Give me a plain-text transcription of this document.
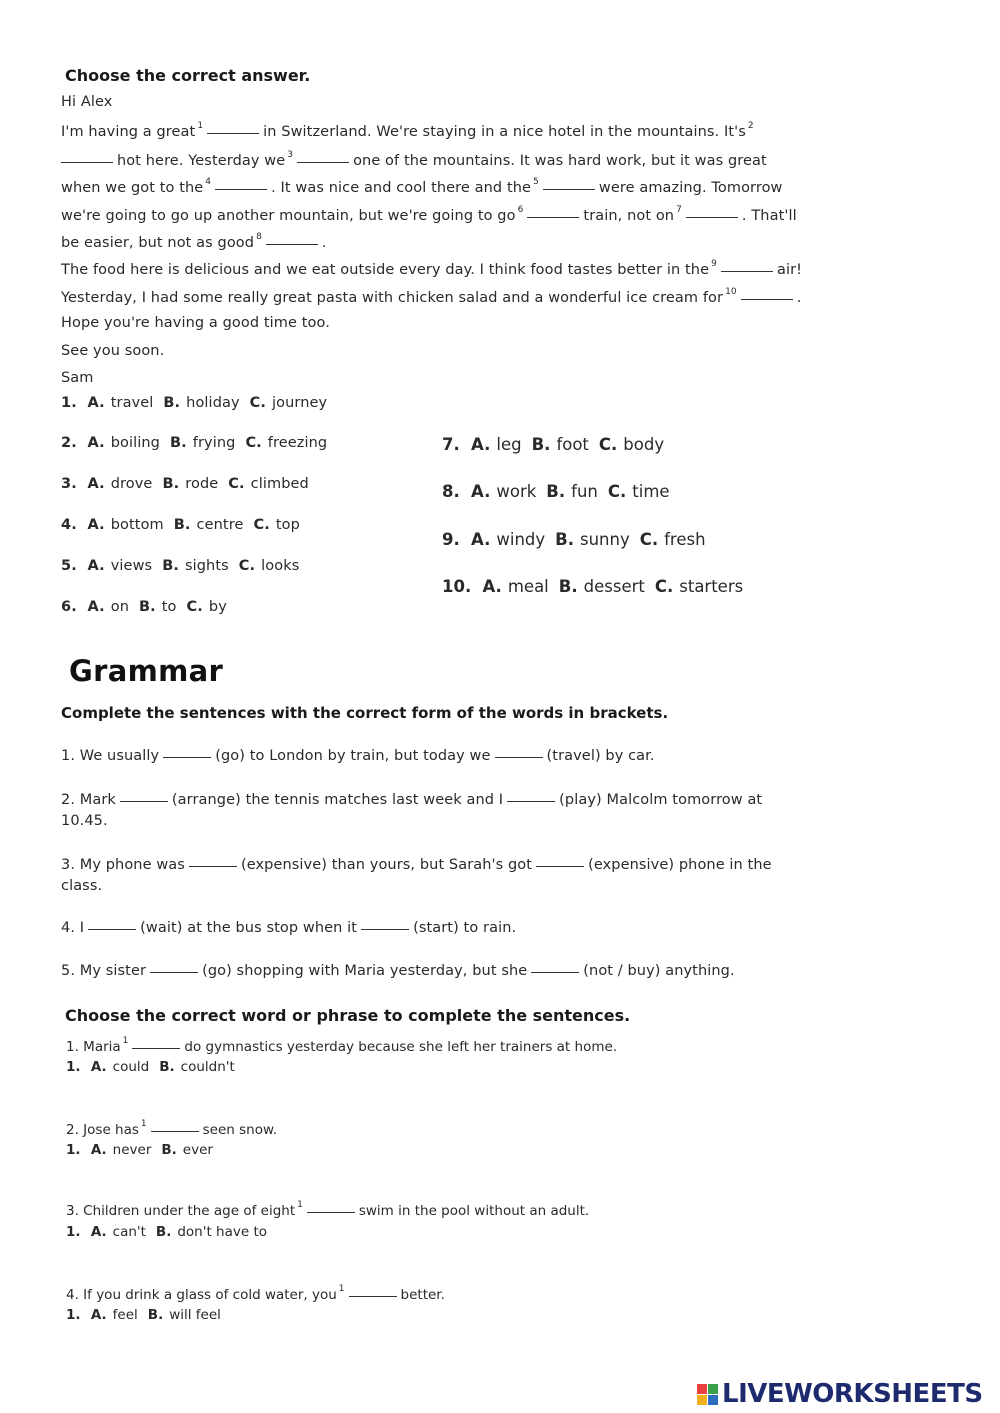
Choose the correct answer.
Hi Alex
I'm having a great $^1$	in Switzerland. We're staying in a nice hotel in the mountains. It's $^2$
hot here. Yesterday we $^3$	one of the mountains. It was hard work, but it was great
when we got to the $^4$	. It was nice and cool there and the $^5$	were amazing. Tomorrow
we're going to go up another mountain, but we're going to go $^6$	train, not on $^7$	. That'll
be easier, but not as good $^8$	.
The food here is delicious and we eat outside every day. I think food tastes better in the $^9$	air!
Yesterday, I had some really great pasta with chicken salad and a wonderful ice cream for $^{10}$	.
Hope you're having a good time too.
See you soon.
Sam
1. A. travel B. holiday C. journey
2. A. boiling B. frying C. freezing
3. A. drove B. rode C. climbed
4. A. bottom B. centre C. top
5. A. views B. sights C. looks
6. A. on B. to C. by
7. A. leg B. foot C. body
8. A. work B. fun C. time
9. A. windy B. sunny C. fresh
10. A. meal B. dessert C. starters
Grammar
Complete the sentences with the correct form of the words in brackets.
1. We usually	(go) to London by train, but today we	(travel) by car.
2. Mark	(arrange) the tennis matches last week and I	(play) Malcolm tomorrow at
10.45.
3. My phone was	(expensive) than yours, but Sarah's got	(expensive) phone in the
class.
4. I	(wait) at the bus stop when it	(start) to rain.
5. My sister	(go) shopping with Maria yesterday, but she	(not / buy) anything.
Choose the correct word or phrase to complete the sentences.
1. Maria $^1$	do gymnastics yesterday because she left her trainers at home.
1. A. could B. couldn't
2. Jose has $^1$	seen snow.
1. A. never B. ever
3. Children under the age of eight $^1$	swim in the pool without an adult.
1. A. can't B. don't have to
4. If you drink a glass of cold water, you $^1$	better.
1. A. feel B. will feel
LIVEWORKSHEETS
